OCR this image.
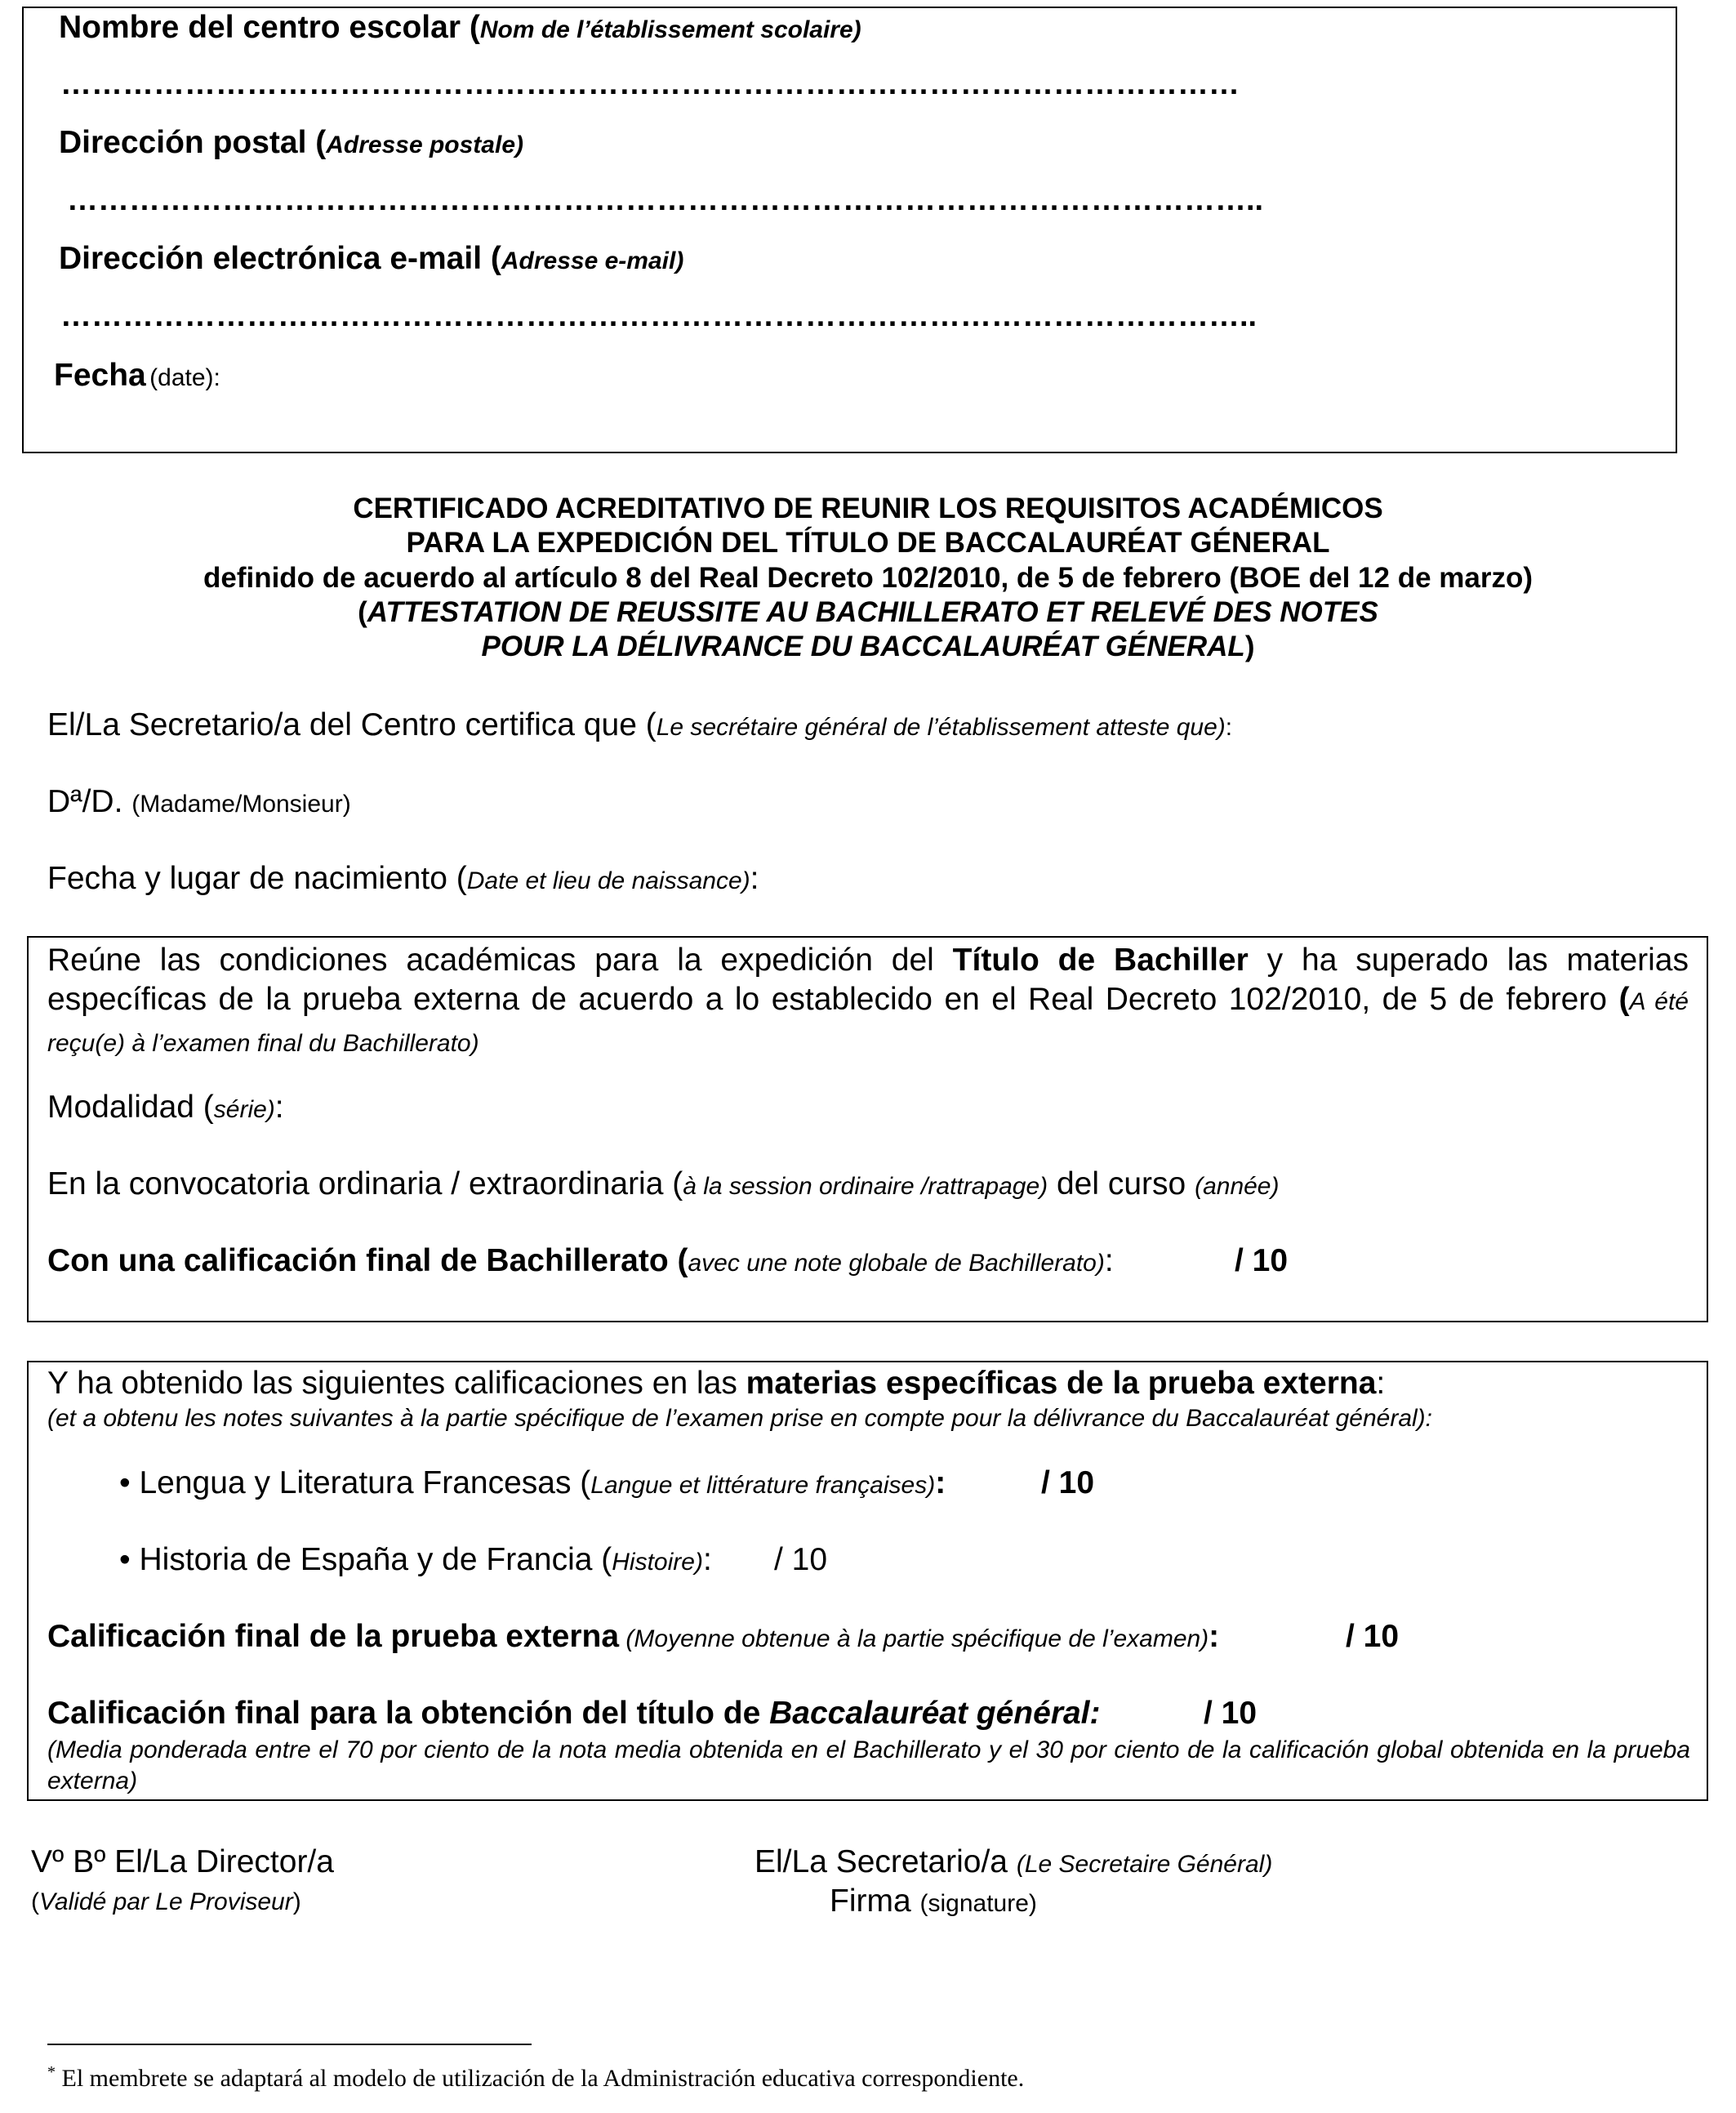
Nombre del centro escolar (Nom de l’établissement scolaire)
……………………………………………………………………………………………………
Dirección postal (Adresse postale)
……………………………………………………………………………………………………..
Dirección electrónica e-mail (Adresse e-mail)
……………………………………………………………………………………………………..
Fecha (date):
CERTIFICADO ACREDITATIVO DE REUNIR LOS REQUISITOS ACADÉMICOS
PARA LA EXPEDICIÓN DEL TÍTULO DE BACCALAURÉAT GÉNERAL
definido de acuerdo al artículo 8 del Real Decreto 102/2010, de 5 de febrero (BOE del 12 de marzo)
(ATTESTATION DE REUSSITE AU BACHILLERATO ET RELEVÉ DES NOTES
POUR LA DÉLIVRANCE DU BACCALAURÉAT GÉNERAL)
El/La Secretario/a del Centro certifica que (Le secrétaire général de l’établissement atteste que):
Dª/D. (Madame/Monsieur)
Fecha y lugar de nacimiento (Date et lieu de naissance):
Reúne las condiciones académicas para la expedición del Título de Bachiller y ha superado las materias específicas de la prueba externa de acuerdo a lo establecido en el Real Decreto 102/2010, de 5 de febrero (A été reçu(e) à l’examen final du Bachillerato)
Modalidad (série):
En la convocatoria ordinaria / extraordinaria (à la session ordinaire /rattrapage) del curso (année)
Con una calificación final de Bachillerato (avec une note globale de Bachillerato):	/ 10
Y ha obtenido las siguientes calificaciones en las materias específicas de la prueba externa:
(et a obtenu les notes suivantes à la partie spécifique de l’examen prise en compte pour la délivrance du Baccalauréat général):
• Lengua y Literatura Francesas (Langue et littérature françaises):	/ 10
• Historia de España y de Francia (Histoire): / 10
Calificación final de la prueba externa (Moyenne obtenue à la partie spécifique de l’examen):	/ 10
Calificación final para la obtención del título de Baccalauréat général:	/ 10
(Media ponderada entre el 70 por ciento de la nota media obtenida en el Bachillerato y el 30 por ciento de la calificación global obtenida en la prueba externa)
Vº Bº El/La Director/a
(Validé par Le Proviseur)
El/La Secretario/a (Le Secretaire Général)
Firma (signature)
* El membrete se adaptará al modelo de utilización de la Administración educativa correspondiente.
